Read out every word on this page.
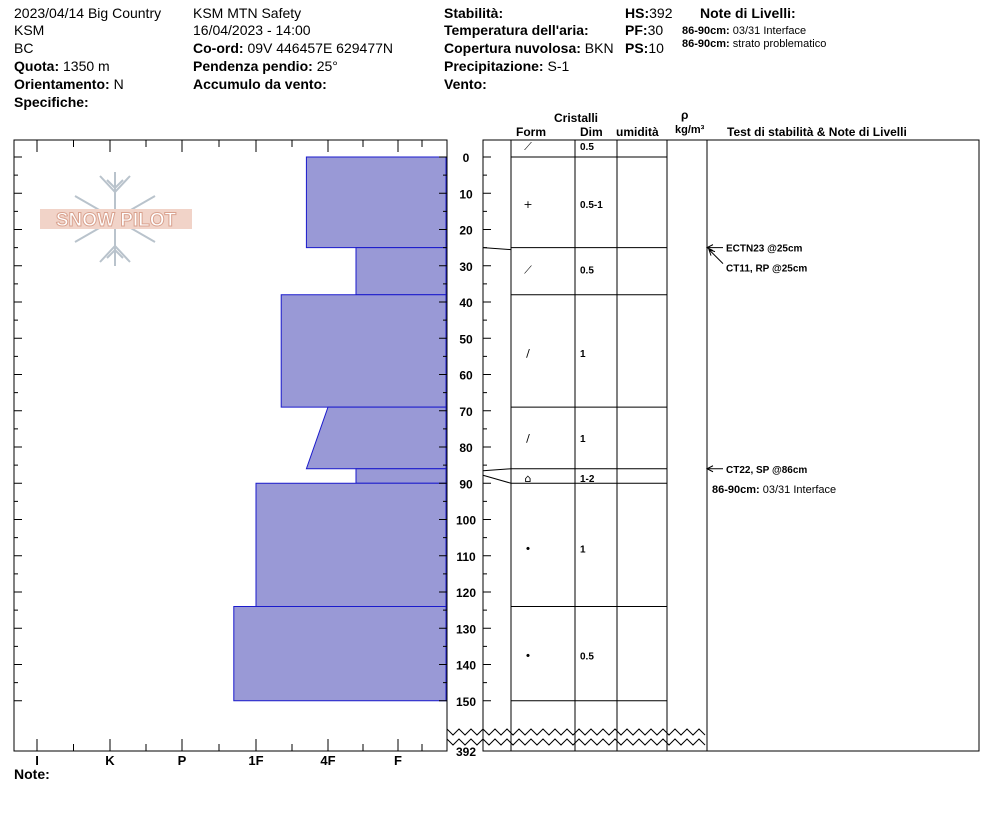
2023/04/14 Big Country
KSM
BC
Quota: 1350 m
Orientamento: N
Specifiche:
KSM MTN Safety
16/04/2023 - 14:00
Co-ord: 09V 446457E 629477N
Pendenza pendio: 25°
Accumulo da vento:
Stabilità:
Temperatura dell'aria:
Copertura nuvolosa: BKN
Precipitazione: S-1
Vento:
HS:392
PF:30
PS:10
Note di Livelli:
86-90cm: 03/31 Interface
86-90cm: strato problematico
Cristalli
Form	Dim umidità
ρ
kg/m³ Test di stabilità & Note di Livelli
SNOW PILOT
0
10
20
30
40
50
60
70
80
90
100
110
120
130
140
150
392
⟋	0.5
+	0.5-1
⟋	0.5
/	1
/	1
⌂	1-2
•	1
•	0.5
ECTN23 @25cm
CT11, RP @25cm
CT22, SP @86cm
86-90cm: 03/31 Interface
I	K	P	1F	4F	F
Note:
